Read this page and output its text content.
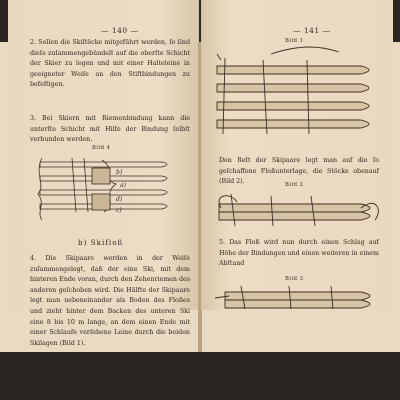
— 140 —
2. Sollen die Skiſtöcke mitgeführt werden, ſo ſind dieſe zuſammengebündelt auf die oberſte Schicht der Skier zu legen und mit einer Halteleine in geeigneter Weiſe an den Stiftbindungen zu befeſtigen.
3. Bei Skiern mit Riemenbindung kann die unterſte Schicht mit Hilfe der Bindung ſelbſt verbunden werden.
Bild 4
b)
a)
d)
c)
b) Skifloß
4. Die Skipaare werden in der Weiſe zuſammengelegt, daß der eine Ski, mit dem hinteren Ende voran, durch den Zehenriemen des anderen geſchoben wird. Die Hälfte der Skipaare legt man nebeneinander als Boden des Floßes und zieht hinter dem Backen des unteren Ski eine 8 bis 10 m lange, an dem einen Ende mit einer Schlaufe verſehene Leine durch die beiden Skilagen (Bild 1).
— 141 —
Bild 1
Den Reſt der Skipaare legt man auf die ſo geſchaffene Floßunterlage, die Stöcke obenauf (Bild 2).	Bild 2
5. Das Floß wird nun durch einen Schlag auf Höhe der Bindungen und einen weiteren in einem Abſtand
Bild 3
